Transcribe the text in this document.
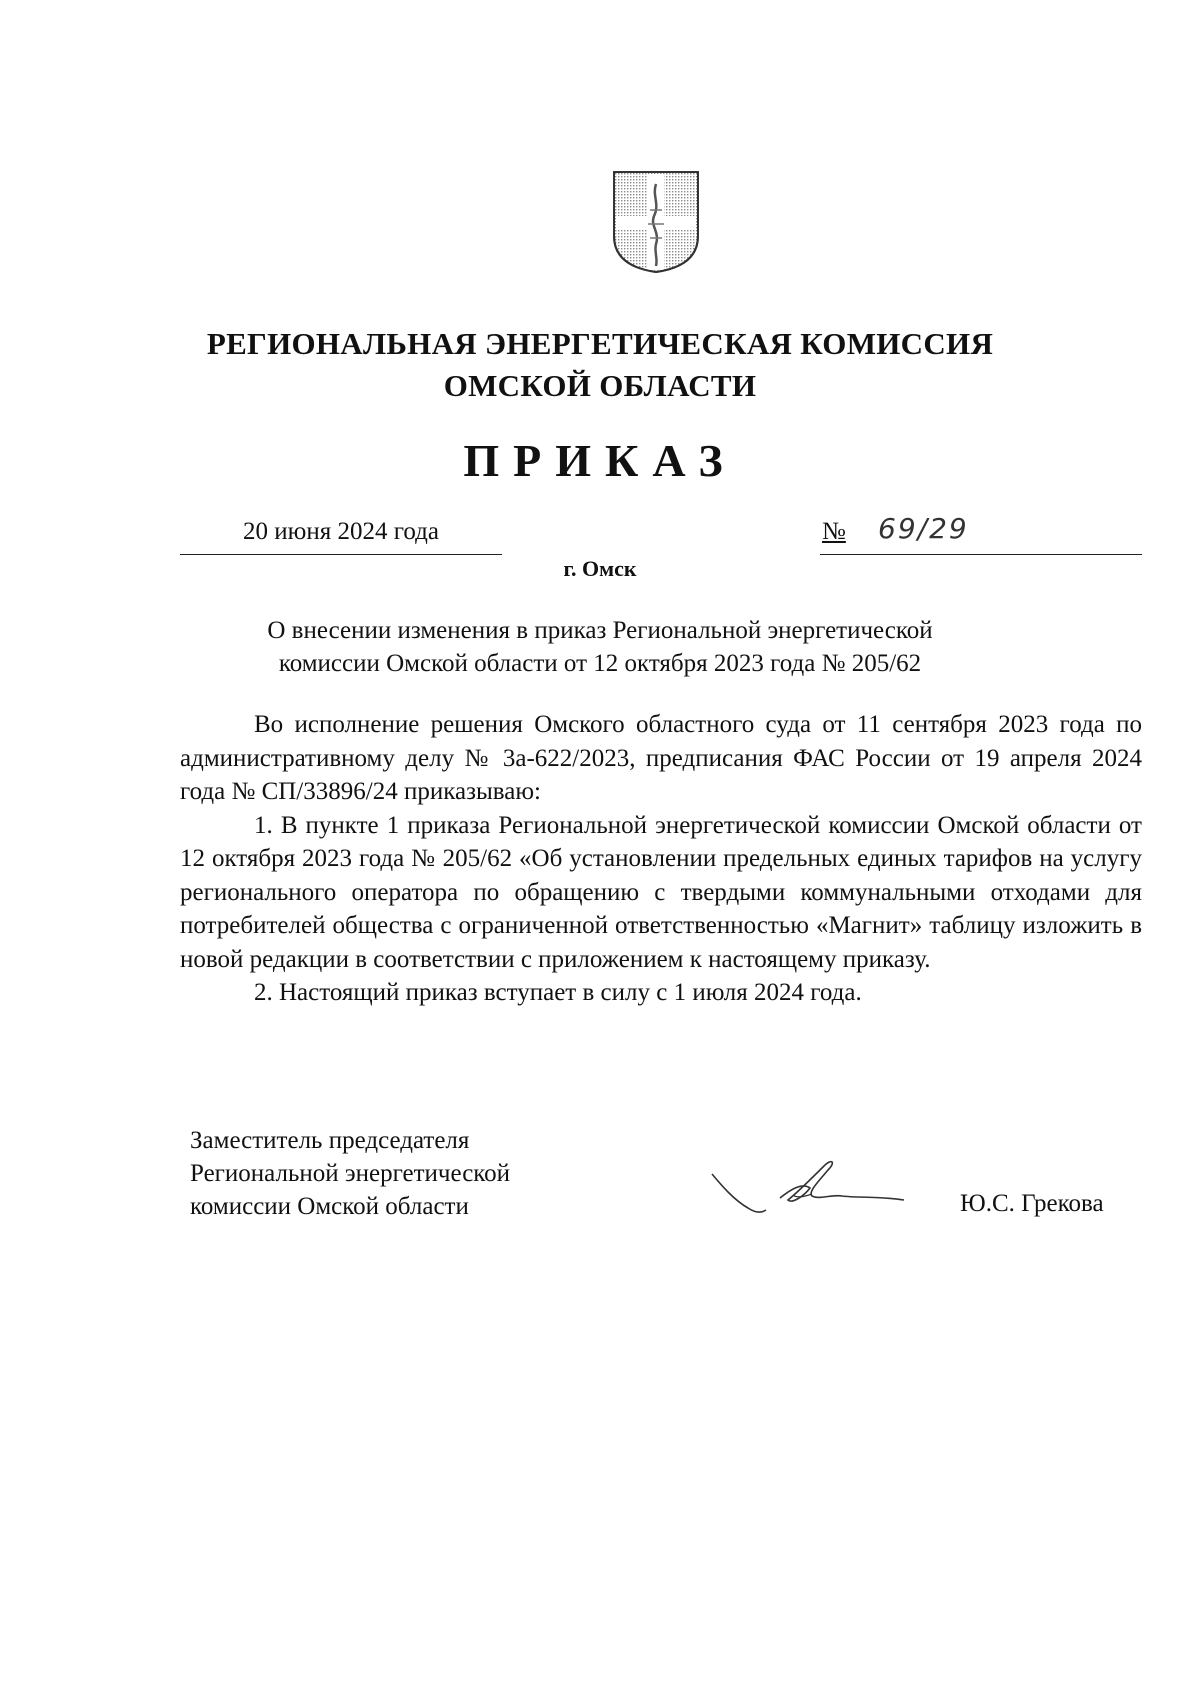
РЕГИОНАЛЬНАЯ ЭНЕРГЕТИЧЕСКАЯ КОМИССИЯ
ОМСКОЙ ОБЛАСТИ
ПРИКАЗ
20 июня 2024 года	№ 69/29
г. Омск
О внесении изменения в приказ Региональной энергетической
комиссии Омской области от 12 октября 2023 года № 205/62

Во исполнение решения Омского областного суда от 11 сентября 2023 года по административному делу № 3а-622/2023, предписания ФАС России от 19 апреля 2024 года № СП/33896/24 приказываю:

1. В пункте 1 приказа Региональной энергетической комиссии Омской области от 12 октября 2023 года № 205/62 «Об установлении предельных единых тарифов на услугу регионального оператора по обращению с твердыми коммунальными отходами для потребителей общества с ограниченной ответственностью «Магнит» таблицу изложить в новой редакции в соответствии с приложением к настоящему приказу.

2. Настоящий приказ вступает в силу с 1 июля 2024 года.

Заместитель председателя
Региональной энергетической
комиссии Омской области	Ю.С. Грекова
